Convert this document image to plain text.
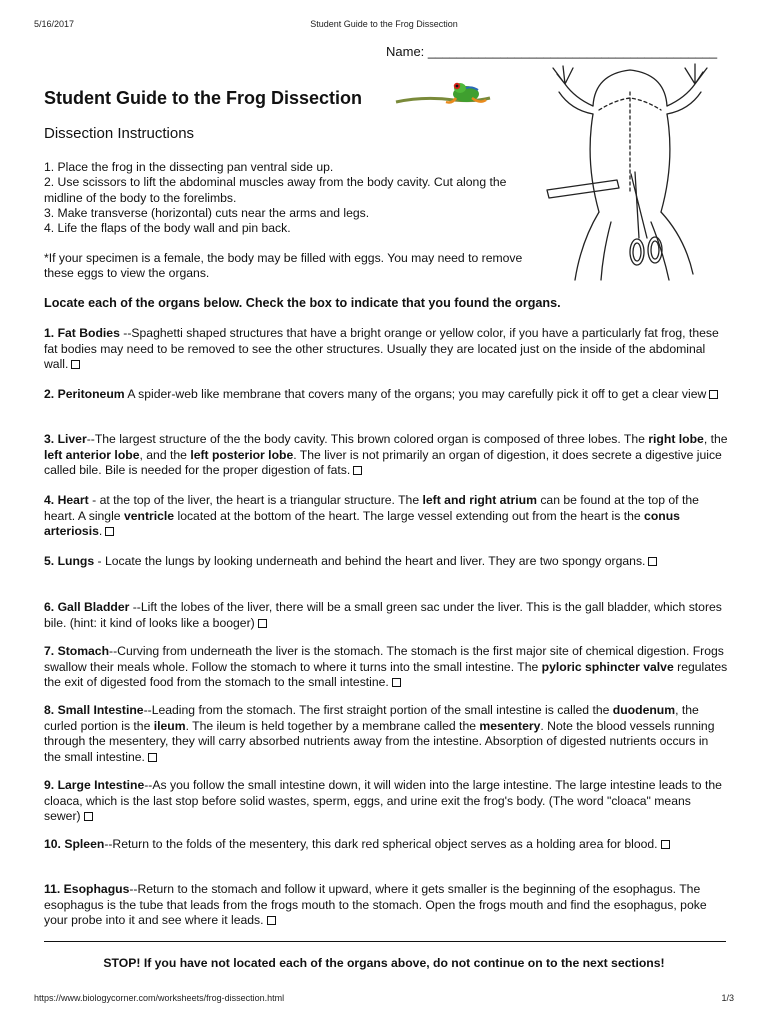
5/16/2017	Student Guide to the Frog Dissection
Name: ________________________________________
Student Guide to the Frog Dissection
Dissection Instructions
1. Place the frog in the dissecting pan ventral side up.
2. Use scissors to lift the abdominal muscles away from the body cavity. Cut along the midline of the body to the forelimbs.
3. Make transverse (horizontal) cuts near the arms and legs.
4. Life the flaps of the body wall and pin back.

*If your specimen is a female, the body may be filled with eggs. You may need to remove these eggs to view the organs.

Locate each of the organs below. Check the box to indicate that you found the organs.

1. Fat Bodies --Spaghetti shaped structures that have a bright orange or yellow color, if you have a particularly fat frog, these fat bodies may need to be removed to see the other structures. Usually they are located just on the inside of the abdominal wall.
2. Peritoneum A spider-web like membrane that covers many of the organs; you may carefully pick it off to get a clear view
3. Liver--The largest structure of the the body cavity. This brown colored organ is composed of three lobes. The right lobe, the left anterior lobe, and the left posterior lobe. The liver is not primarily an organ of digestion, it does secrete a digestive juice called bile. Bile is needed for the proper digestion of fats.
4. Heart - at the top of the liver, the heart is a triangular structure. The left and right atrium can be found at the top of the heart. A single ventricle located at the bottom of the heart. The large vessel extending out from the heart is the conus arteriosis.
5. Lungs - Locate the lungs by looking underneath and behind the heart and liver. They are two spongy organs.
6. Gall Bladder --Lift the lobes of the liver, there will be a small green sac under the liver. This is the gall bladder, which stores bile. (hint: it kind of looks like a booger)
7. Stomach--Curving from underneath the liver is the stomach. The stomach is the first major site of chemical digestion. Frogs swallow their meals whole. Follow the stomach to where it turns into the small intestine. The pyloric sphincter valve regulates the exit of digested food from the stomach to the small intestine.
8. Small Intestine--Leading from the stomach. The first straight portion of the small intestine is called the duodenum, the curled portion is the ileum. The ileum is held together by a membrane called the mesentery. Note the blood vessels running through the mesentery, they will carry absorbed nutrients away from the intestine. Absorption of digested nutrients occurs in the small intestine.
9. Large Intestine--As you follow the small intestine down, it will widen into the large intestine. The large intestine leads to the cloaca, which is the last stop before solid wastes, sperm, eggs, and urine exit the frog's body. (The word "cloaca" means sewer)
10. Spleen--Return to the folds of the mesentery, this dark red spherical object serves as a holding area for blood.
11. Esophagus--Return to the stomach and follow it upward, where it gets smaller is the beginning of the esophagus. The esophagus is the tube that leads from the frogs mouth to the stomach. Open the frogs mouth and find the esophagus, poke your probe into it and see where it leads.

STOP! If you have not located each of the organs above, do not continue on to the next sections!

https://www.biologycorner.com/worksheets/frog-dissection.html	1/3
